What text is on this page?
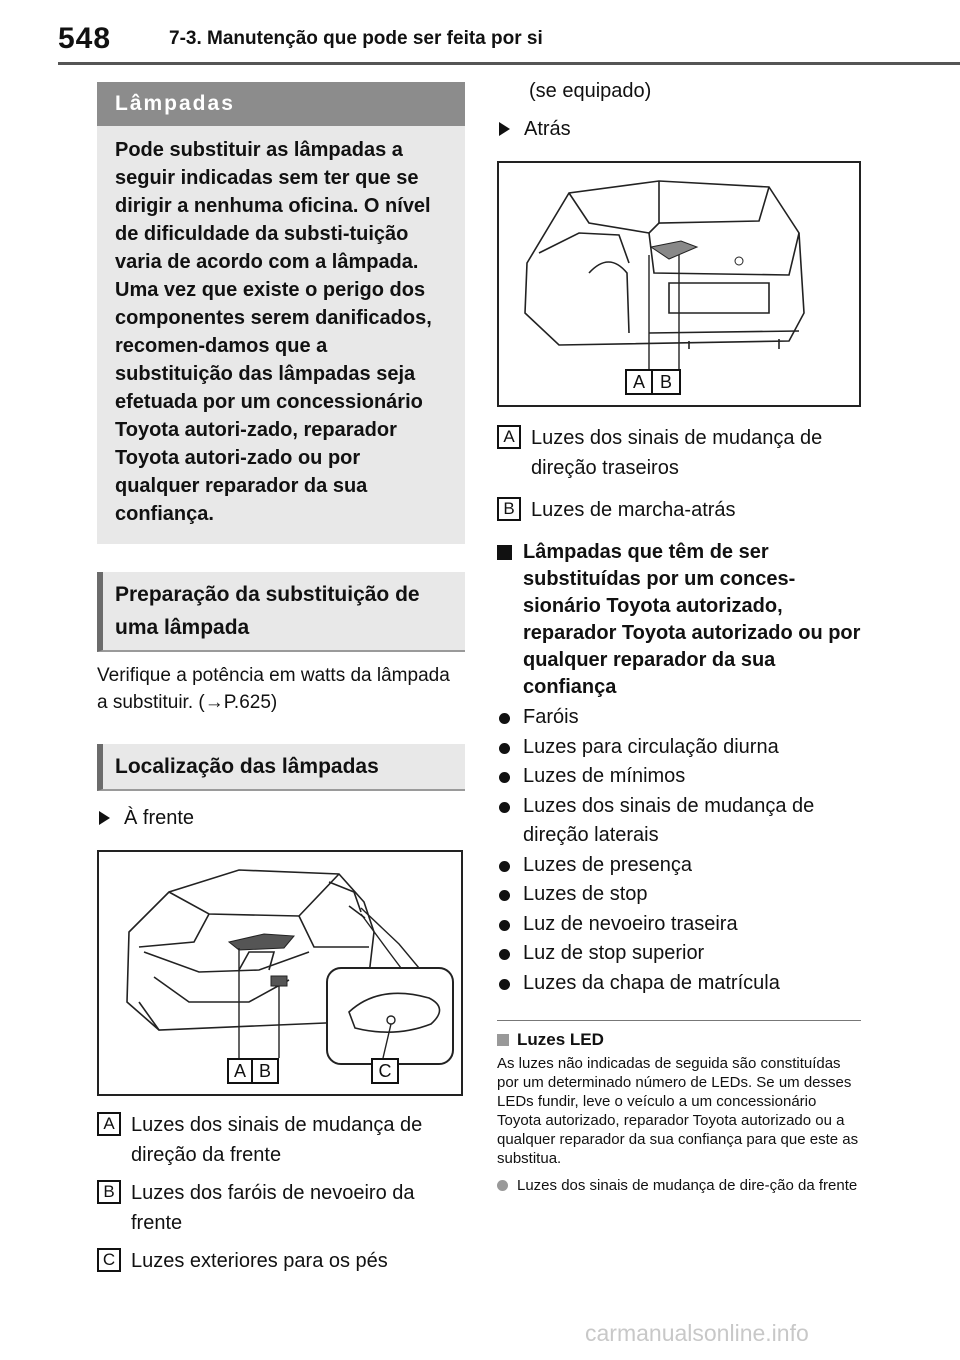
548	7-3. Manutenção que pode ser feita por si
Lâmpadas
Pode substituir as lâmpadas a seguir indicadas sem ter que se dirigir a nenhuma oficina. O nível de dificuldade da substi-tuição varia de acordo com a lâmpada. Uma vez que existe o perigo dos componentes serem danificados, recomen-damos que a substituição das lâmpadas seja efetuada por um concessionário Toyota autori-zado, reparador Toyota autori-zado ou por qualquer reparador da sua confiança.
Preparação da substituição de uma lâmpada
Verifique a potência em watts da lâmpada a substituir. (→P.625)
Localização das lâmpadas
À frente
A B	C
A Luzes dos sinais de mudança de direção da frente
B Luzes dos faróis de nevoeiro da frente
C Luzes exteriores para os pés
(se equipado)
Atrás
A B
A Luzes dos sinais de mudança de direção traseiros
B Luzes de marcha-atrás
Lâmpadas que têm de ser substituídas por um conces-sionário Toyota autorizado, reparador Toyota autorizado ou por qualquer reparador da sua confiança
Faróis
Luzes para circulação diurna
Luzes de mínimos
Luzes dos sinais de mudança de direção laterais
Luzes de presença
Luzes de stop
Luz de nevoeiro traseira
Luz de stop superior
Luzes da chapa de matrícula
Luzes LED
As luzes não indicadas de seguida são constituídas por um determinado número de LEDs. Se um desses LEDs fundir, leve o veículo a um concessionário Toyota autorizado, reparador Toyota autorizado ou a qualquer reparador da sua confiança para que este as substitua.
Luzes dos sinais de mudança de dire-ção da frente
carmanualsonline.info
